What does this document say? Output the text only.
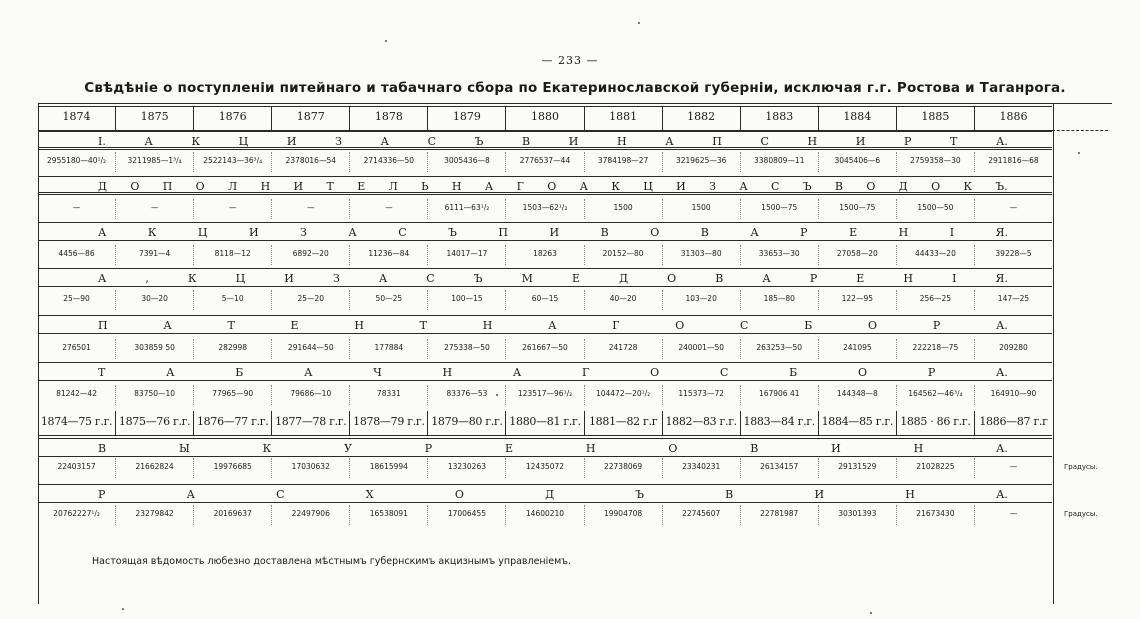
— 233 —
Свѣдѣніе о поступленіи питейнаго и табачнаго сбора по Екатеринославской губерніи, исключая г.г. Ростова и Таганрога.
1874	1875	1876	1877	1878	1879	1880	1881	1882	1883	1884	1885	1886
I.	А	К	Ц	И	З	А	С	Ъ	В	И	Н	А	П	С	Н	И	Р	Т	А.
2955180—40¹/₂	3211985—1³/₄	2522143—36³/₄	2378016—54	2714336—50	3005436—8	2776537—44	3784198—27	3219625—36	3380809—11	3045406—6	2759358—30	2911816—68
Д О П О Л Н И Т Е Л Ь Н А Г О А К Ц И З А С Ъ В О Д О К Ъ.
—	—	—	—	—	6111—63¹/₂	1503—62¹/₂	1500	1500	1500—75	1500—75	1500—50	—
А	К	Ц	И	З	А	С	Ъ	П	И	В	О	В	А	Р	Е	Н	І	Я.
4456—86	7391—4	8118—12	6892—20	11236—84	14017—17	18263	20152—80	31303—80	33653—30	27058—20	44433—20	39228—5
А	,	К	Ц	И	З	А	С	Ъ	М	Е	Д	О	В	А	Р	Е	Н	І	Я.
25—90	30—20	5—10	25—20	50—25	100—15	60—15	40—20	103—20	185—80	122—95	256—25	147—25
П	А	Т	Е	Н	Т	Н	А	Г	О	С	Б	О	Р	А.
276501	303859 50	282998	291644—50	177884	275338—50	261667—50	241728	240001—50	263253—50	241095	222218—75	209280
Т	А	Б	А	Ч	Н	А	Г	О	С	Б	О	Р	А.
81242—42	83750—10	77965—90	79686—10	78331	83376—53	123517—96¹/₂	104472—20¹/₂	115373—72	167906 41	144348—8	164562—46³/₄	164910—90
1874—75 г.г. 1875—76 г.г. 1876—77 г.г. 1877—78 г.г. 1878—79 г.г. 1879—80 г.г. 1880—81 г.г. 1881—82 г.г 1882—83 г.г. 1883—84 г.г. 1884—85 г.г. 1885 · 86 г.г. 1886—87 г.г
В	Ы	К	У	Р	Е	Н	О	В	И	Н	А.
22403157	21662824	19976685	17030632	18615994	13230263	12435072	22738069	23340231	26134157	29131529	21028225	—
Р	А	С	Х	О	Д	Ъ	В	И	Н	А.
20762227¹/₂	23279842	20169637	22497906	16538091	17006455	14600210	19904708	22745607	22781987	30301393	21673430	—
Настоящая вѣдомость любезно доставлена мѣстнымъ губернскимъ акцизнымъ управленіемъ.
Градусы.
Градусы.
